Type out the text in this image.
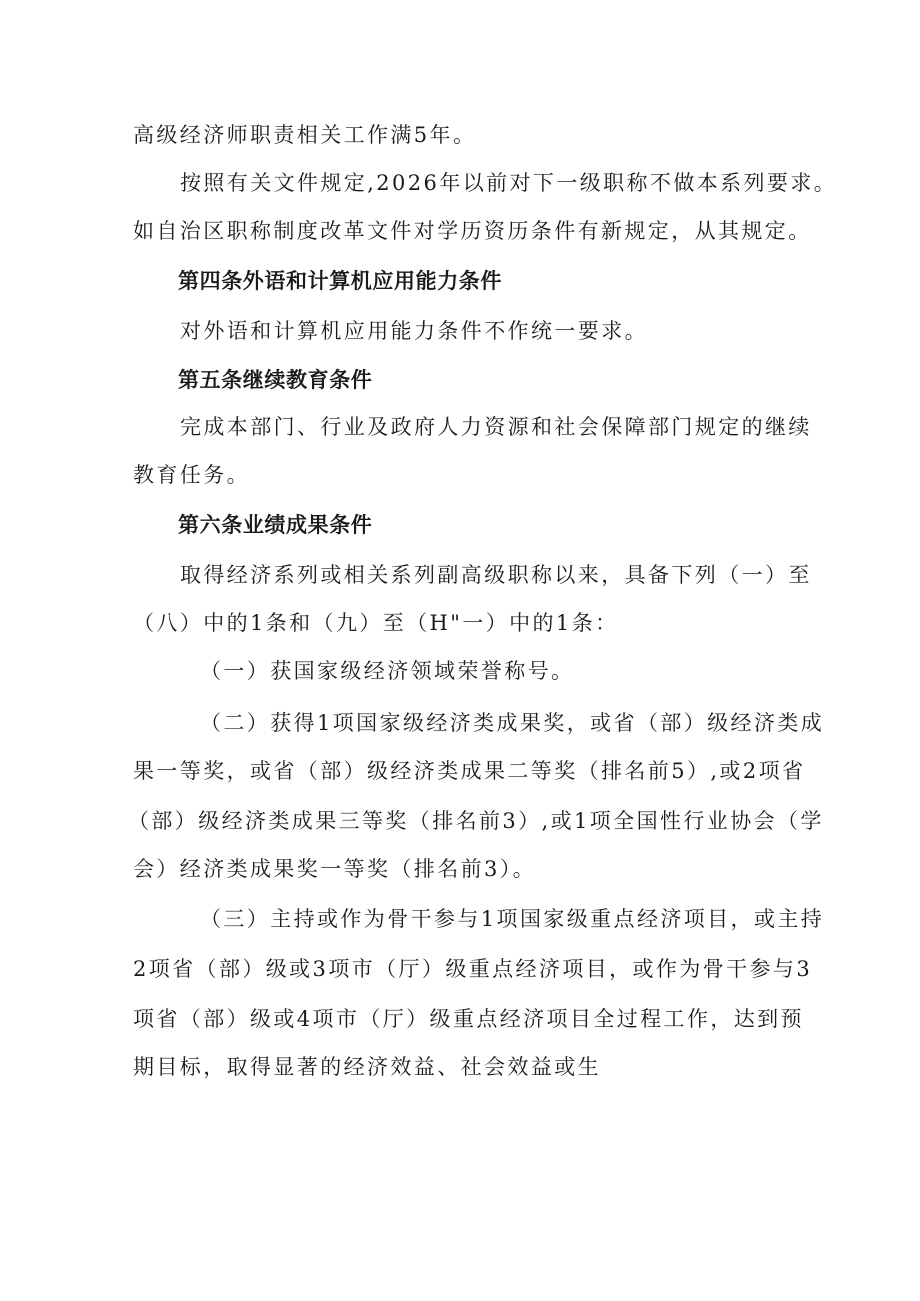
高级经济师职责相关工作满5年。
按照有关文件规定,2026年以前对下一级职称不做本系列要求。
如自治区职称制度改革文件对学历资历条件有新规定，从其规定。
第四条外语和计算机应用能力条件
对外语和计算机应用能力条件不作统一要求。
第五条继续教育条件
完成本部门、行业及政府人力资源和社会保障部门规定的继续
教育任务。
第六条业绩成果条件
取得经济系列或相关系列副高级职称以来，具备下列（一）至
（八）中的1条和（九）至（H"一）中的1条：
（一）获国家级经济领域荣誉称号。
（二）获得1项国家级经济类成果奖，或省（部）级经济类成
果一等奖，或省（部）级经济类成果二等奖（排名前5）,或2项省
（部）级经济类成果三等奖（排名前3）,或1项全国性行业协会（学
会）经济类成果奖一等奖（排名前3）。
（三）主持或作为骨干参与1项国家级重点经济项目，或主持
2项省（部）级或3项市（厅）级重点经济项目，或作为骨干参与3
项省（部）级或4项市（厅）级重点经济项目全过程工作，达到预
期目标，取得显著的经济效益、社会效益或生
